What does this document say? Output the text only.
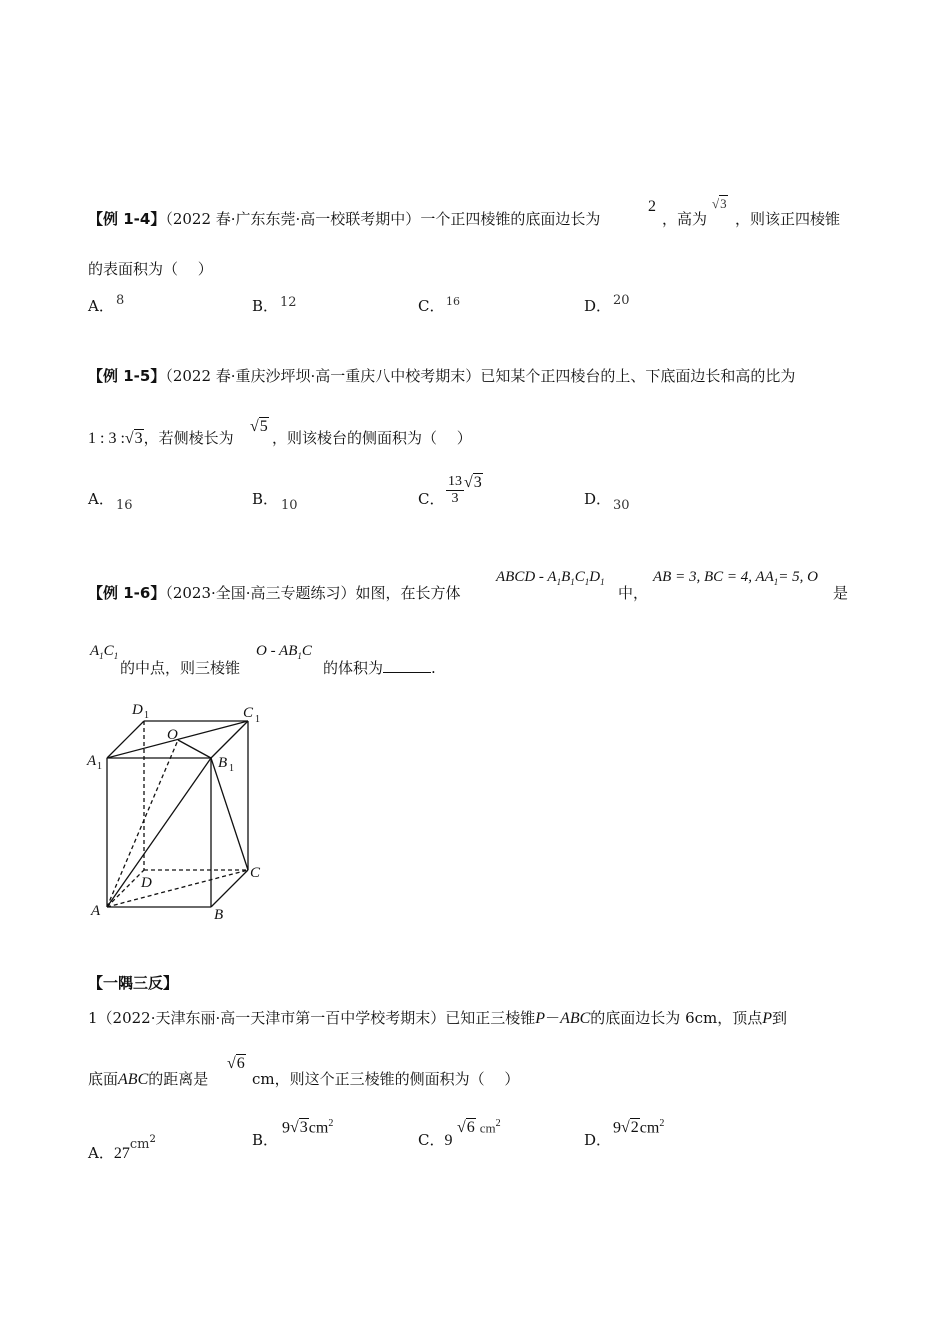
【例 1-4】（2022 春·广东东莞·高一校联考期中）一个正四棱锥的底面边长为
2
，高为
√3
，则该正四棱锥
的表面积为（　 ）
A． 8	B． 12	C． 16	D． 20
【例 1-5】（2022 春·重庆沙坪坝·高一重庆八中校考期末）已知某个正四棱台的上、下底面边长和高的比为
1 : 3 :√3，若侧棱长为
√5
，则该棱台的侧面积为（　 ）
A． 16	B． 10	C． $\frac{13}{3} √3$
D． 30
【例 1-6】（2023·全国·高三专题练习）如图，在长方体
ABCD - $A_1B_1C_1D_1$
中，
AB = 3, BC = 4, $AA_1= 5$, O
是
$A_1C_1$
的中点，则三棱锥
O - $AB_1C$
的体积为	.
D 1	C 1
O
A 1	B 1
D
C
A	B
【一隅三反】
1（2022·天津东丽·高一天津市第一百中学校考期末）已知正三棱锥P－ABC的底面边长为 6cm，顶点P到
底面ABC的距离是
√6
cm，则这个正三棱锥的侧面积为（　 ）
A．$27cm^2$	B．
$9√3cm^2$
C．9
√6 $cm^2$
D．
$9√2cm^2$
